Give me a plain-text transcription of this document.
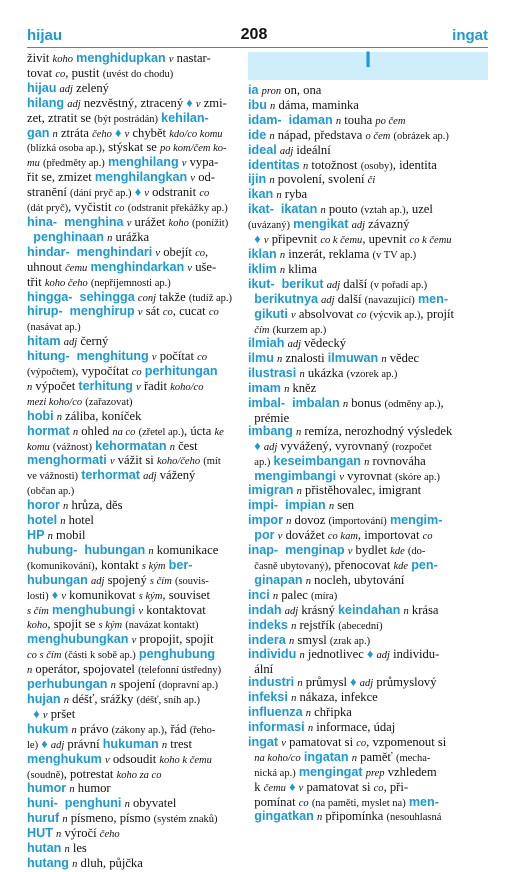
hijau	208	ingat
živit koho menghidupkan v nastar-
tovat co, pustit (uvést do chodu)
hijau adj zelený
hilang adj nezvěstný, ztracený ♦ v zmi-
zet, ztratit se (být postrádán) kehilan-
gan n ztráta čeho ♦ v chybět kdo/co komu
(blízká osoba ap.), stýskat se po kom/čem ko-
mu (předměty ap.) menghilang v vypa-
řit se, zmizet menghilangkan v od-
stranění (dání pryč ap.) ♦ v odstranit co
(dát pryč), vyčistit co (odstranit překážky ap.)
hina-  menghina v urážet koho (ponížit)
penghinaan n urážka
hindar-  menghindari v obejít co,
uhnout čemu menghindarkan v uše-
třit koho čeho (nepříjemnosti ap.)
hingga-  sehingga conj takže (tudíž ap.)
hirup-  menghirup v sát co, cucat co
(nasávat ap.)
hitam adj černý
hitung-  menghitung v počítat co
(výpočtem), vypočítat co perhitungan
n výpočet terhitung v řadit koho/co
mezi koho/co (zařazovat)
hobi n záliba, koníček
hormat n ohled na co (zřetel ap.), úcta ke
komu (vážnost) kehormatan n čest
menghormati v vážit si koho/čeho (mít
ve vážnosti) terhormat adj vážený
(občan ap.)
horor n hrůza, děs
hotel n hotel
HP n mobil
hubung-  hubungan n komunikace
(komunikování), kontakt s kým ber-
hubungan adj spojený s čím (souvis-
losti) ♦ v komunikovat s kým, souviset
s čím menghubungi v kontaktovat
koho, spojit se s kým (navázat kontakt)
menghubungkan v propojit, spojit
co s čím (části k sobě ap.) penghubung
n operátor, spojovatel (telefonní ústředny)
perhubungan n spojení (dopravní ap.)
hujan n déšť, srážky (déšť, sníh ap.)
♦ v pršet
hukum n právo (zákony ap.), řád (řeho-
le) ♦ adj právní hukuman n trest
menghukum v odsoudit koho k čemu
(soudně), potrestat koho za co
humor n humor
huni-  penghuni n obyvatel
huruf n písmeno, písmo (systém znaků)
HUT n výročí čeho
hutan n les
hutang n dluh, půjčka
I
ia pron on, ona
ibu n dáma, maminka
idam-  idaman n touha po čem
ide n nápad, představa o čem (obrázek ap.)
ideal adj ideální
identitas n totožnost (osoby), identita
ijin n povolení, svolení či
ikan n ryba
ikat-  ikatan n pouto (vztah ap.), uzel
(uvázaný) mengikat adj závazný
♦ v připevnit co k čemu, upevnit co k čemu
iklan n inzerát, reklama (v TV ap.)
iklim n klima
ikut-  berikut adj další (v pořadí ap.)
berikutnya adj další (navazující) men-
gikuti v absolvovat co (výcvik ap.), projít
čím (kurzem ap.)
ilmiah adj vědecký
ilmu n znalosti ilmuwan n vědec
ilustrasi n ukázka (vzorek ap.)
imam n kněz
imbal-  imbalan n bonus (odměny ap.),
prémie
imbang n remíza, nerozhodný výsledek
♦ adj vyvážený, vyrovnaný (rozpočet
ap.) keseimbangan n rovnováha
mengimbangi v vyrovnat (skóre ap.)
imigran n přistěhovalec, imigrant
impi-  impian n sen
impor n dovoz (importování) mengim-
por v dovážet co kam, importovat co
inap-  menginap v bydlet kde (do-
časně ubytovaný), přenocovat kde pen-
ginapan n nocleh, ubytování
inci n palec (míra)
indah adj krásný keindahan n krása
indeks n rejstřík (abecední)
indera n smysl (zrak ap.)
individu n jednotlivec ♦ adj individu-
ální
industri n průmysl ♦ adj průmyslový
infeksi n nákaza, infekce
influenza n chřipka
informasi n informace, údaj
ingat v pamatovat si co, vzpomenout si
na koho/co ingatan n paměť (mecha-
nická ap.) mengingat prep vzhledem
k čemu ♦ v pamatovat si co, při-
pomínat co (na paměti, myslet na) men-
gingatkan n připomínka (nesouhlasná
